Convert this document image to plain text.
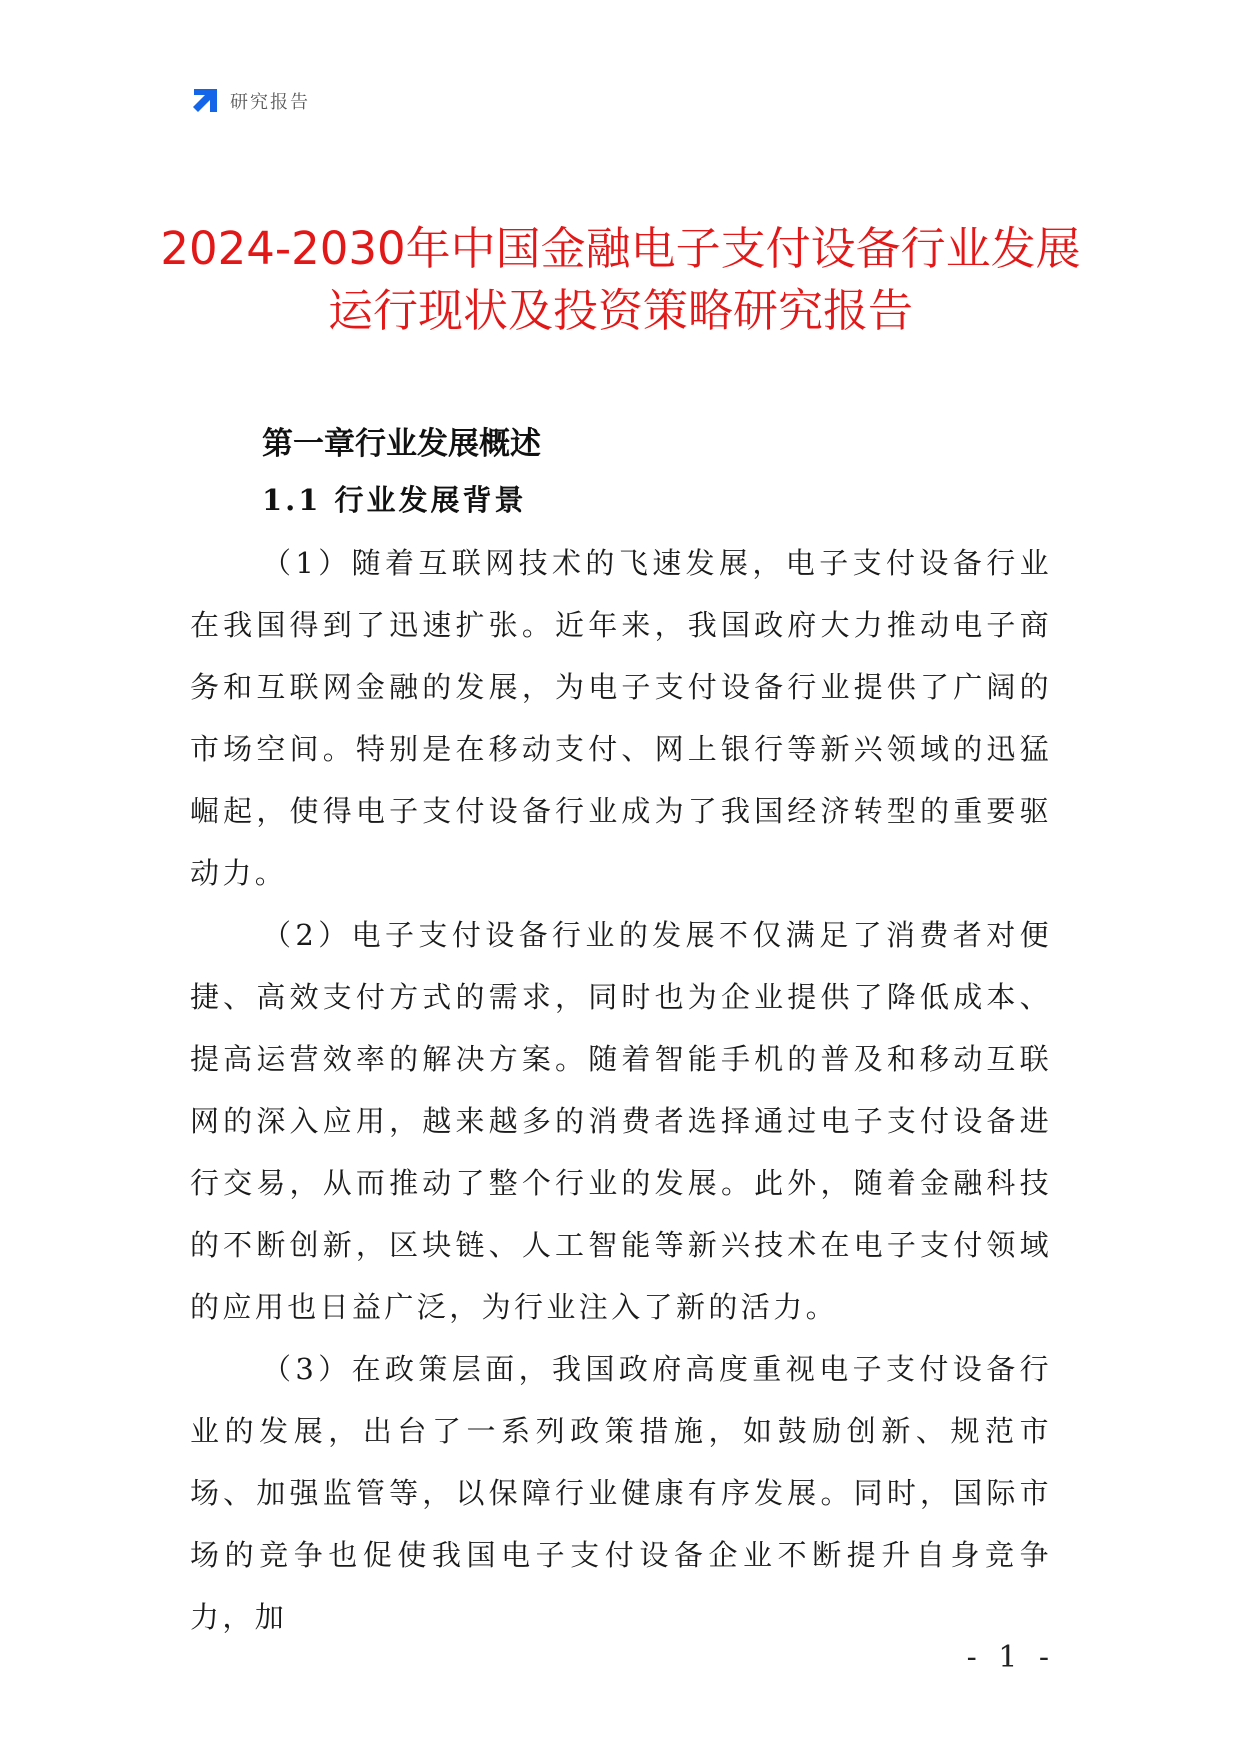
研究报告
2024-2030年中国金融电子支付设备行业发展运行现状及投资策略研究报告
第一章行业发展概述
1.1 行业发展背景

（1）随着互联网技术的飞速发展，电子支付设备行业在我国得到了迅速扩张。近年来，我国政府大力推动电子商务和互联网金融的发展，为电子支付设备行业提供了广阔的市场空间。特别是在移动支付、网上银行等新兴领域的迅猛崛起，使得电子支付设备行业成为了我国经济转型的重要驱动力。

（2）电子支付设备行业的发展不仅满足了消费者对便捷、高效支付方式的需求，同时也为企业提供了降低成本、提高运营效率的解决方案。随着智能手机的普及和移动互联网的深入应用，越来越多的消费者选择通过电子支付设备进行交易，从而推动了整个行业的发展。此外，随着金融科技的不断创新，区块链、人工智能等新兴技术在电子支付领域的应用也日益广泛，为行业注入了新的活力。

（3）在政策层面，我国政府高度重视电子支付设备行业的发展，出台了一系列政策措施，如鼓励创新、规范市场、加强监管等，以保障行业健康有序发展。同时，国际市场的竞争也促使我国电子支付设备企业不断提升自身竞争力，加

- 1 -
